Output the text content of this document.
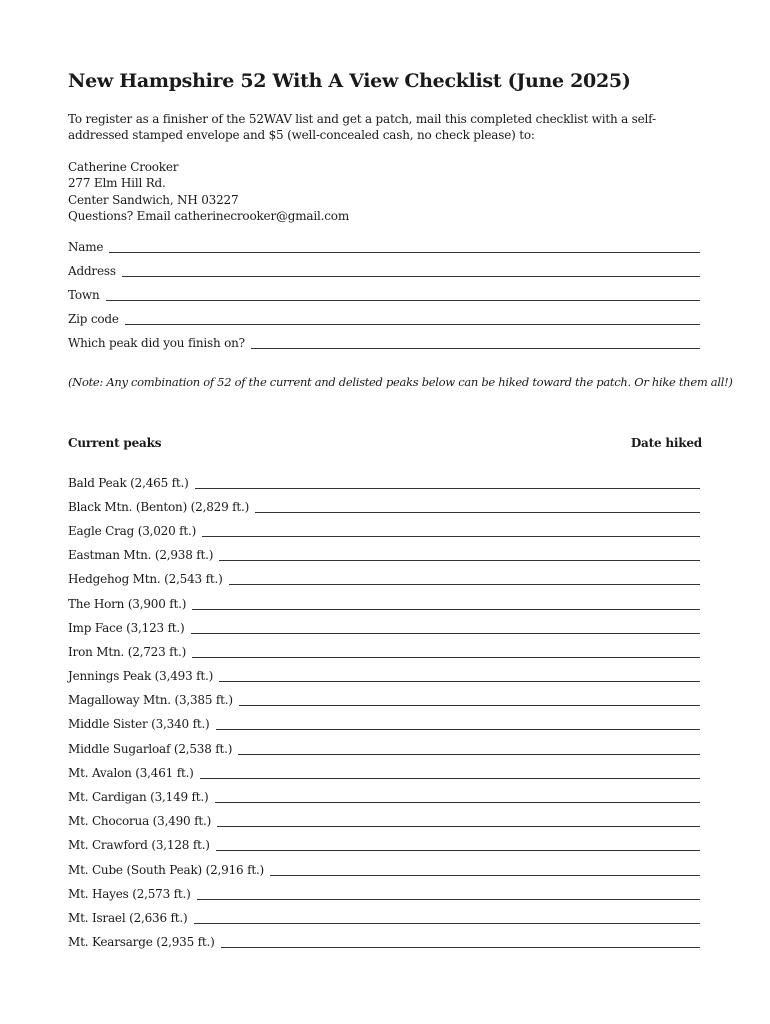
New Hampshire 52 With A View Checklist (June 2025)

To register as a finisher of the 52WAV list and get a patch, mail this completed checklist with a self-addressed stamped envelope and $5 (well-concealed cash, no check please) to:

Catherine Crooker
277 Elm Hill Rd.
Center Sandwich, NH 03227
Questions? Email catherinecrooker@gmail.com
Name
Address
Town
Zip code
Which peak did you finish on?
(Note: Any combination of 52 of the current and delisted peaks below can be hiked toward the patch. Or hike them all!)
Current peaks	Date hiked
Bald Peak (2,465 ft.)
Black Mtn. (Benton) (2,829 ft.)
Eagle Crag (3,020 ft.)
Eastman Mtn. (2,938 ft.)
Hedgehog Mtn. (2,543 ft.)
The Horn (3,900 ft.)
Imp Face (3,123 ft.)
Iron Mtn. (2,723 ft.)
Jennings Peak (3,493 ft.)
Magalloway Mtn. (3,385 ft.)
Middle Sister (3,340 ft.)
Middle Sugarloaf (2,538 ft.)
Mt. Avalon (3,461 ft.)
Mt. Cardigan (3,149 ft.)
Mt. Chocorua (3,490 ft.)
Mt. Crawford (3,128 ft.)
Mt. Cube (South Peak) (2,916 ft.)
Mt. Hayes (2,573 ft.)
Mt. Israel (2,636 ft.)
Mt. Kearsarge (2,935 ft.)
